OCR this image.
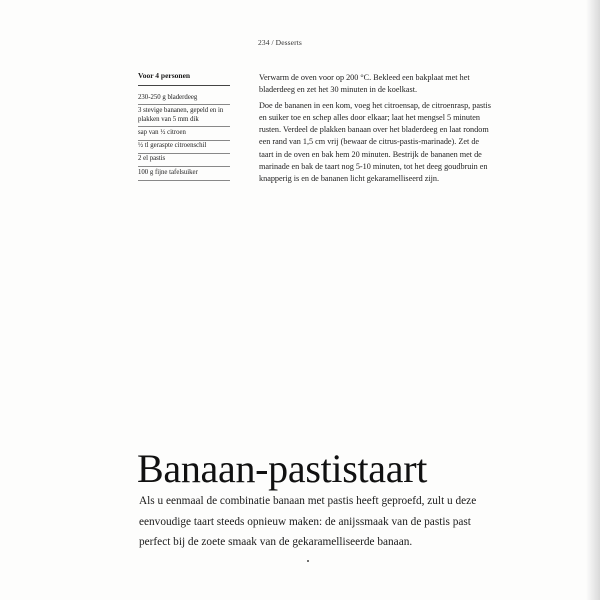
234 / Desserts
Voor 4 personen
230-250 g bladerdeeg
3 stevige bananen, gepeld en in plakken van 5 mm dik
sap van ½ citroen
½ tl geraspte citroenschil
2 el pastis
100 g fijne tafelsuiker

Verwarm de oven voor op 200 °C. Bekleed een bakplaat met het bladerdeeg en zet het 30 minuten in de koelkast.

Doe de bananen in een kom, voeg het citroensap, de citroenrasp, pastis en suiker toe en schep alles door elkaar; laat het mengsel 5 minuten rusten. Verdeel de plakken banaan over het bladerdeeg en laat rondom een rand van 1,5 cm vrij (bewaar de citrus-pastis-marinade). Zet de taart in de oven en bak hem 20 minuten. Bestrijk de bananen met de marinade en bak de taart nog 5-10 minuten, tot het deeg goudbruin en knapperig is en de bananen licht gekaramelliseerd zijn.

Banaan-pastistaart
Als u eenmaal de combinatie banaan met pastis heeft geproefd, zult u deze eenvoudige taart steeds opnieuw maken: de anijssmaak van de pastis past perfect bij de zoete smaak van de gekaramelliseerde banaan.
